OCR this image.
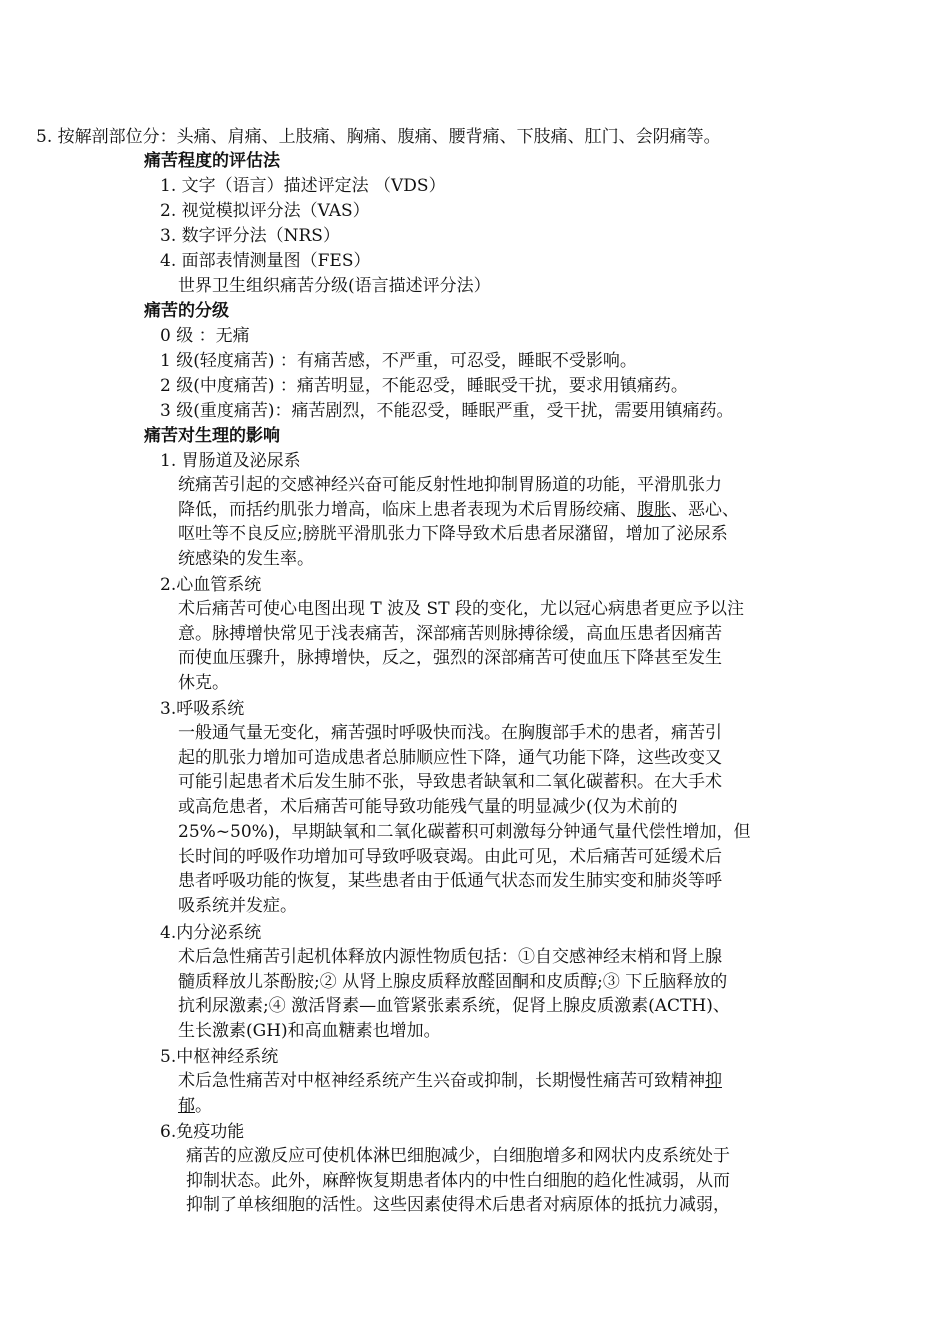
5. 按解剖部位分：头痛、肩痛、上肢痛、胸痛、腹痛、腰背痛、下肢痛、肛门、会阴痛等。
痛苦程度的评估法
1. 文字（语言）描述评定法 （VDS）
2. 视觉模拟评分法（VAS）
3. 数字评分法（NRS）
4. 面部表情测量图（FES）
世界卫生组织痛苦分级(语言描述评分法）
痛苦的分级
0 级 ：无痛
1 级(轻度痛苦) ：有痛苦感，不严重，可忍受，睡眠不受影响。
2 级(中度痛苦) ：痛苦明显，不能忍受，睡眠受干扰，要求用镇痛药。
3 级(重度痛苦)：痛苦剧烈，不能忍受，睡眠严重，受干扰，需要用镇痛药。
痛苦对生理的影响
1. 胃肠道及泌尿系
统痛苦引起的交感神经兴奋可能反射性地抑制胃肠道的功能，平滑肌张力
降低，而括约肌张力增高，临床上患者表现为术后胃肠绞痛、腹胀、恶心、
呕吐等不良反应;膀胱平滑肌张力下降导致术后患者尿潴留，增加了泌尿系
统感染的发生率。
2.心血管系统
术后痛苦可使心电图出现 T 波及 ST 段的变化，尤以冠心病患者更应予以注
意。脉搏增快常见于浅表痛苦，深部痛苦则脉搏徐缓，高血压患者因痛苦
而使血压骤升，脉搏增快，反之，强烈的深部痛苦可使血压下降甚至发生
休克。
3.呼吸系统
一般通气量无变化，痛苦强时呼吸快而浅。在胸腹部手术的患者，痛苦引
起的肌张力增加可造成患者总肺顺应性下降，通气功能下降，这些改变又
可能引起患者术后发生肺不张，导致患者缺氧和二氧化碳蓄积。在大手术
或高危患者，术后痛苦可能导致功能残气量的明显减少(仅为术前的
25%~50%)，早期缺氧和二氧化碳蓄积可刺激每分钟通气量代偿性增加，但
长时间的呼吸作功增加可导致呼吸衰竭。由此可见，术后痛苦可延缓术后
患者呼吸功能的恢复，某些患者由于低通气状态而发生肺实变和肺炎等呼
吸系统并发症。
4.内分泌系统
术后急性痛苦引起机体释放内源性物质包括：①自交感神经末梢和肾上腺
髓质释放儿茶酚胺;② 从肾上腺皮质释放醛固酮和皮质醇;③ 下丘脑释放的
抗利尿激素;④ 激活肾素—血管紧张素系统，促肾上腺皮质激素(ACTH)、
生长激素(GH)和高血糖素也增加。
5.中枢神经系统
术后急性痛苦对中枢神经系统产生兴奋或抑制，长期慢性痛苦可致精神抑
郁。
6.免疫功能
痛苦的应激反应可使机体淋巴细胞减少，白细胞增多和网状内皮系统处于
抑制状态。此外，麻醉恢复期患者体内的中性白细胞的趋化性减弱，从而
抑制了单核细胞的活性。这些因素使得术后患者对病原体的抵抗力减弱，
